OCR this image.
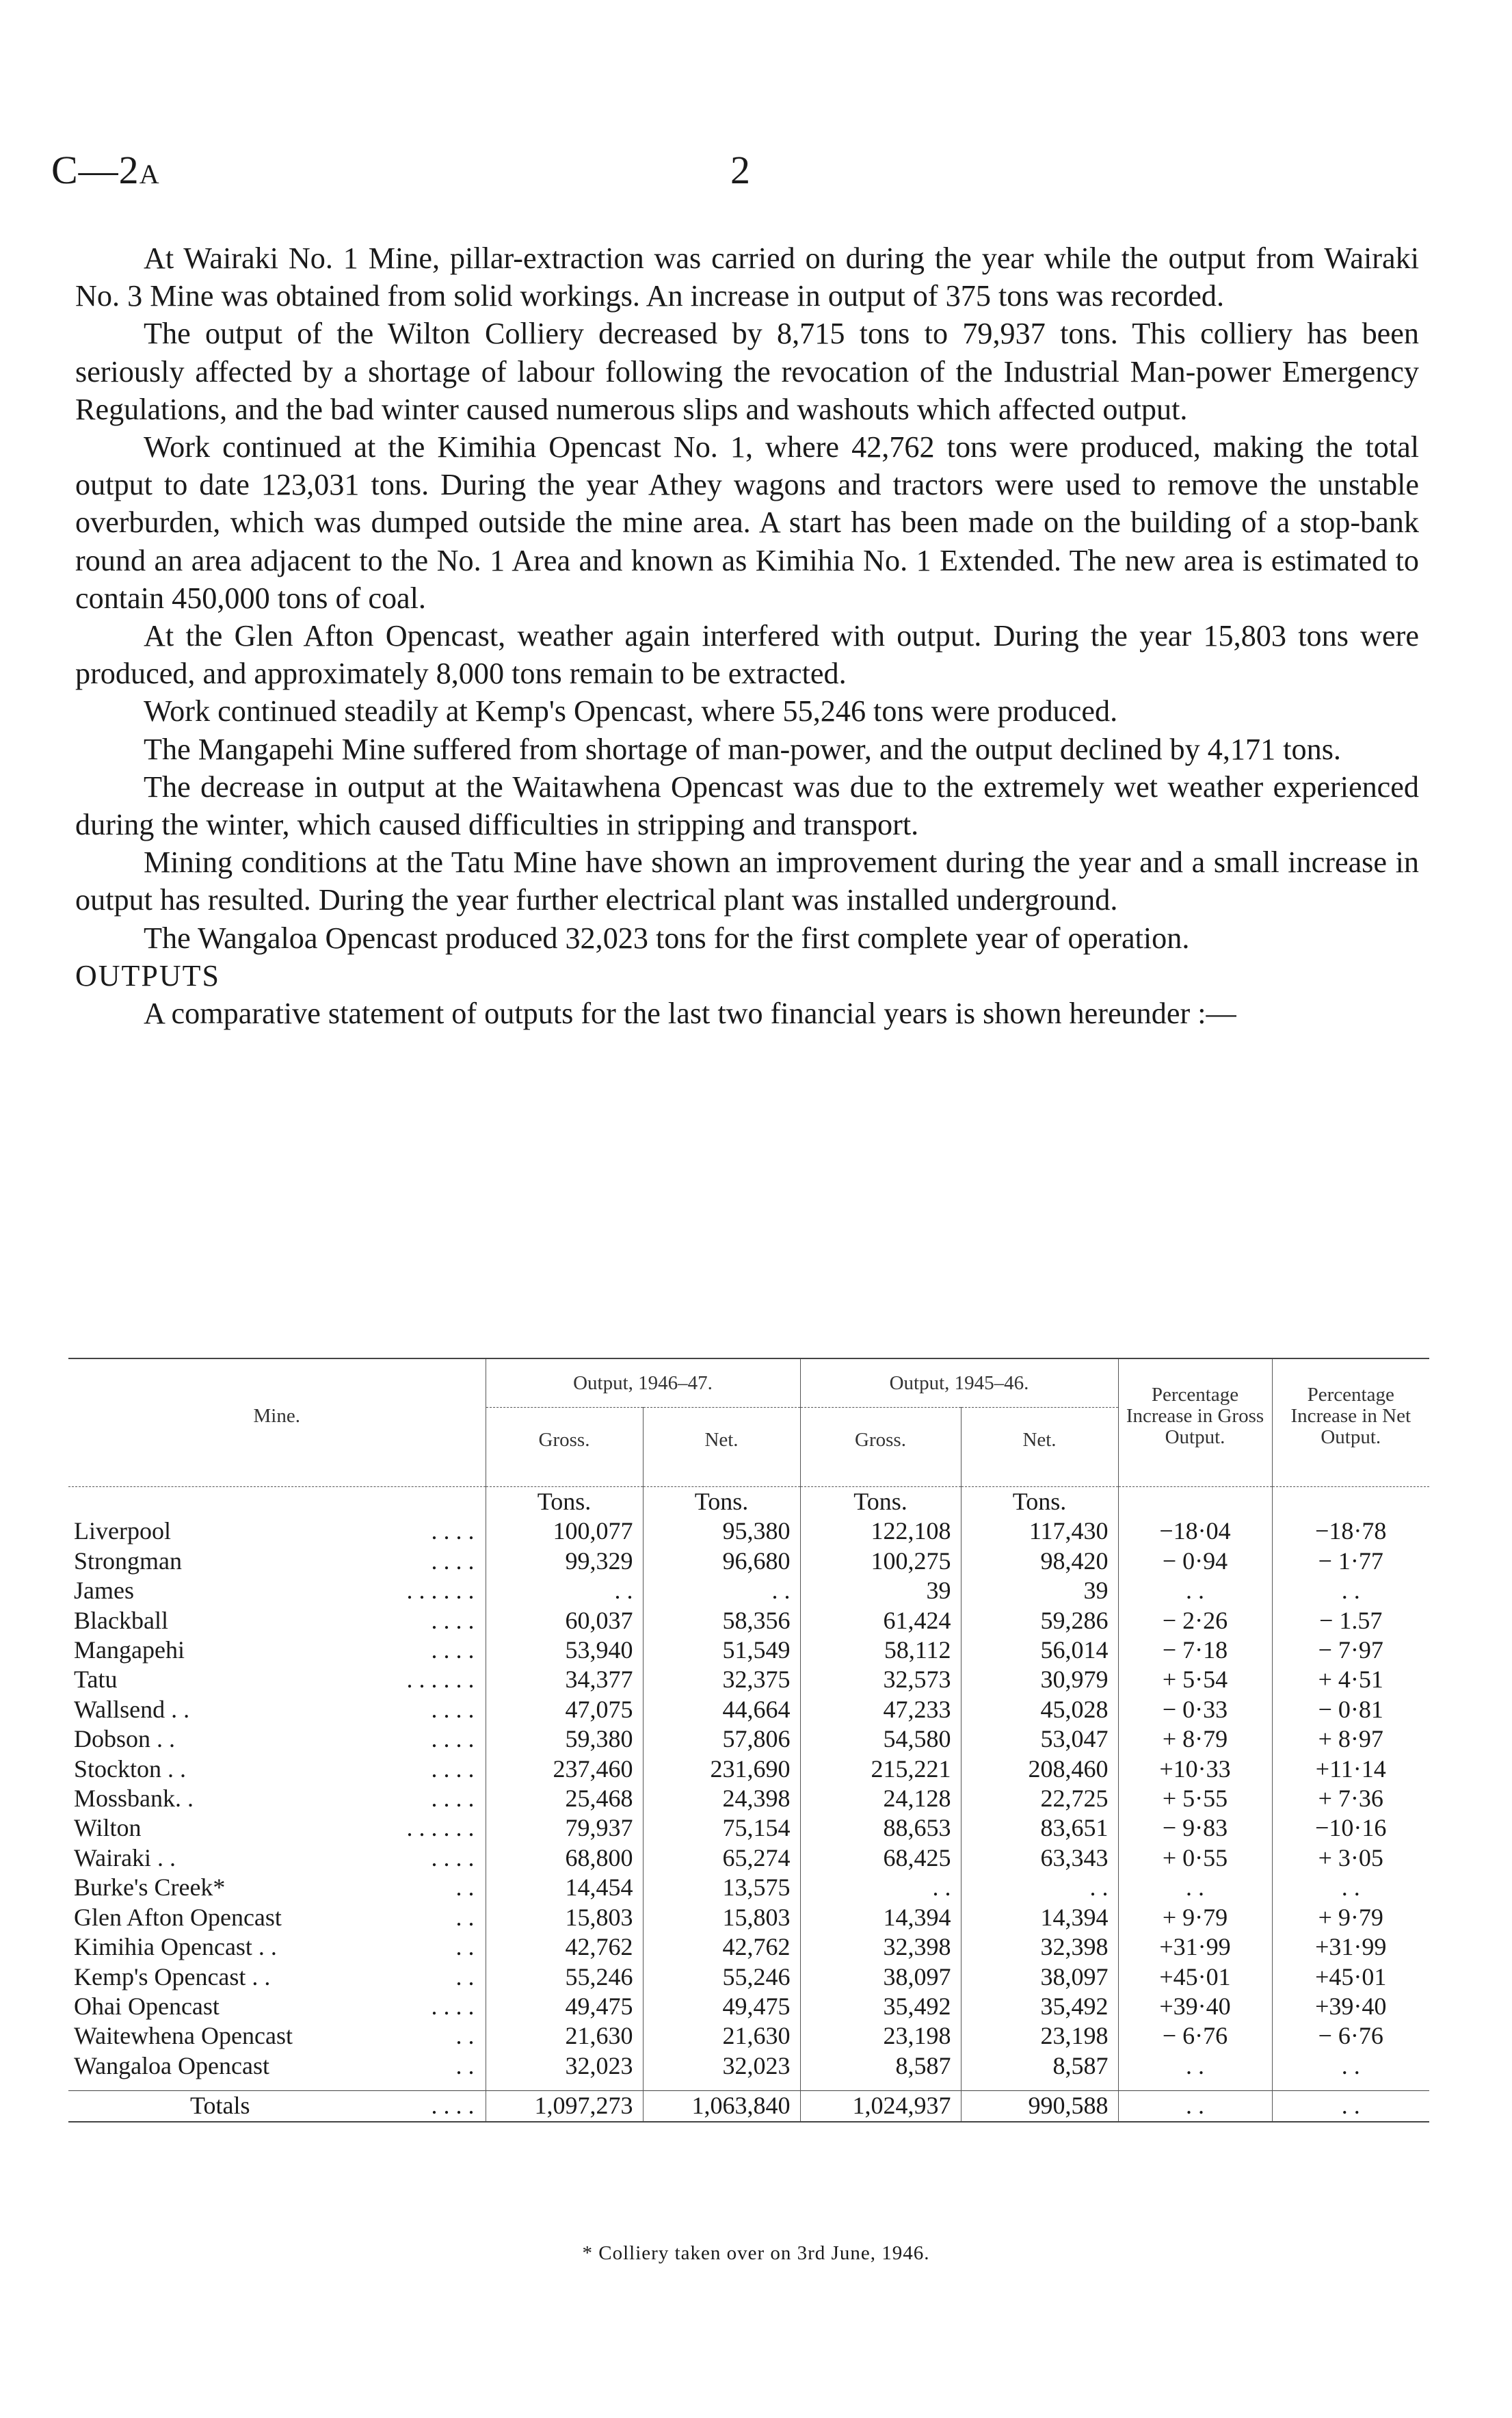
C—2A	2

At Wairaki No. 1 Mine, pillar-extraction was carried on during the year while the output from Wairaki No. 3 Mine was obtained from solid workings. An increase in output of 375 tons was recorded.

The output of the Wilton Colliery decreased by 8,715 tons to 79,937 tons. This colliery has been seriously affected by a shortage of labour following the revocation of the Industrial Man-power Emergency Regulations, and the bad winter caused numerous slips and washouts which affected output.

Work continued at the Kimihia Opencast No. 1, where 42,762 tons were produced, making the total output to date 123,031 tons. During the year Athey wagons and tractors were used to remove the unstable overburden, which was dumped outside the mine area. A start has been made on the building of a stop-bank round an area adjacent to the No. 1 Area and known as Kimihia No. 1 Extended. The new area is estimated to contain 450,000 tons of coal.

At the Glen Afton Opencast, weather again interfered with output. During the year 15,803 tons were produced, and approximately 8,000 tons remain to be extracted.

Work continued steadily at Kemp's Opencast, where 55,246 tons were produced.

The Mangapehi Mine suffered from shortage of man-power, and the output declined by 4,171 tons.

The decrease in output at the Waitawhena Opencast was due to the extremely wet weather experienced during the winter, which caused difficulties in stripping and transport.

Mining conditions at the Tatu Mine have shown an improvement during the year and a small increase in output has resulted. During the year further electrical plant was installed underground.

The Wangaloa Opencast produced 32,023 tons for the first complete year of operation.

OUTPUTS

A comparative statement of outputs for the last two financial years is shown hereunder :—

Mine.	Output, 1946–47.		Output, 1945–46.		Percentage Increase in Gross Output.	Percentage Increase in Net Output.
	Gross.	Net.	Gross.	Net.		

	Tons.	Tons.	Tons.	Tons.		
Liverpool . . . .	100,077	95,380	122,108	117,430	−18·04	−18·78
Strongman . . . .	99,329	96,680	100,275	98,420	− 0·94	− 1·77
James . . . . . .	. .	. .	39	39	. .	. .
Blackball . . . .	60,037	58,356	61,424	59,286	− 2·26	− 1.57
Mangapehi . . . .	53,940	51,549	58,112	56,014	− 7·18	− 7·97
Tatu . . . . . .	34,377	32,375	32,573	30,979	+ 5·54	+ 4·51
Wallsend . . . . . .	47,075	44,664	47,233	45,028	− 0·33	− 0·81
Dobson . . . . . .	59,380	57,806	54,580	53,047	+ 8·79	+ 8·97
Stockton . . . . . .	237,460	231,690	215,221	208,460	+10·33	+11·14
Mossbank. . . . . .	25,468	24,398	24,128	22,725	+ 5·55	+ 7·36
Wilton . . . . . .	79,937	75,154	88,653	83,651	− 9·83	−10·16
Wairaki . . . . . .	68,800	65,274	68,425	63,343	+ 0·55	+ 3·05
Burke's Creek* . .	14,454	13,575	. .	. .	. .	. .
Glen Afton Opencast . .	15,803	15,803	14,394	14,394	+ 9·79	+ 9·79
Kimihia Opencast . . . .	42,762	42,762	32,398	32,398	+31·99	+31·99
Kemp's Opencast . . . .	55,246	55,246	38,097	38,097	+45·01	+45·01
Ohai Opencast . . . .	49,475	49,475	35,492	35,492	+39·40	+39·40
Waitewhena Opencast . .	21,630	21,630	23,198	23,198	− 6·76	− 6·76
Wangaloa Opencast . .	32,023	32,023	8,587	8,587	. .	. .

Totals . . . .	1,097,273	1,063,840	1,024,937	990,588	. .	. .

* Colliery taken over on 3rd June, 1946.
